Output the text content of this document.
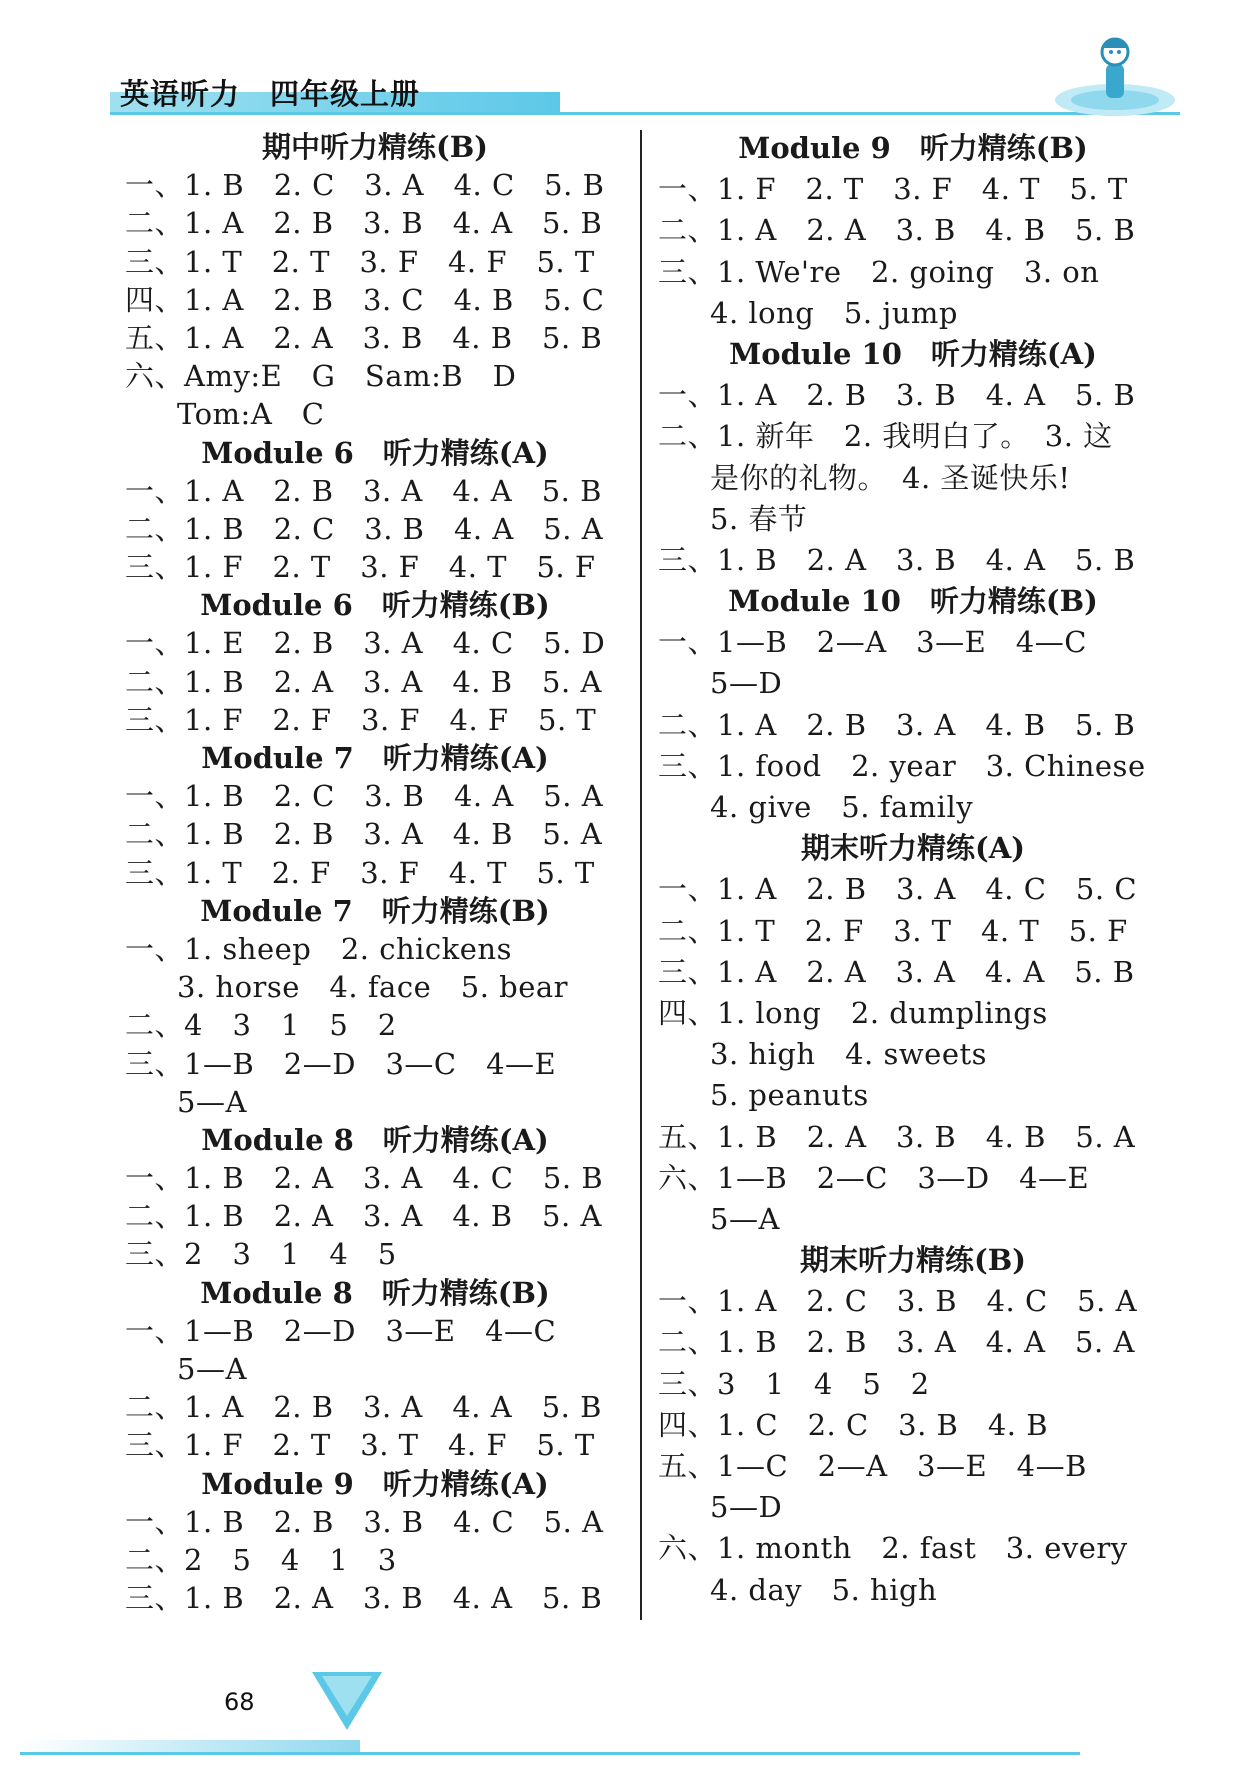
英语听力　四年级上册
期中听力精练(B)
一、1. B　2. C　3. A　4. C　5. B
二、1. A　2. B　3. B　4. A　5. B
三、1. T　2. T　3. F　4. F　5. T
四、1. A　2. B　3. C　4. B　5. C
五、1. A　2. A　3. B　4. B　5. B
六、Amy:E　G　Sam:B　D
Tom:A　C
Module 6　听力精练(A)
一、1. A　2. B　3. A　4. A　5. B
二、1. B　2. C　3. B　4. A　5. A
三、1. F　2. T　3. F　4. T　5. F
Module 6　听力精练(B)
一、1. E　2. B　3. A　4. C　5. D
二、1. B　2. A　3. A　4. B　5. A
三、1. F　2. F　3. F　4. F　5. T
Module 7　听力精练(A)
一、1. B　2. C　3. B　4. A　5. A
二、1. B　2. B　3. A　4. B　5. A
三、1. T　2. F　3. F　4. T　5. T
Module 7　听力精练(B)
一、1. sheep　2. chickens
3. horse　4. face　5. bear
二、4　3　1　5　2
三、1—B　2—D　3—C　4—E
5—A
Module 8　听力精练(A)
一、1. B　2. A　3. A　4. C　5. B
二、1. B　2. A　3. A　4. B　5. A
三、2　3　1　4　5
Module 8　听力精练(B)
一、1—B　2—D　3—E　4—C
5—A
二、1. A　2. B　3. A　4. A　5. B
三、1. F　2. T　3. T　4. F　5. T
Module 9　听力精练(A)
一、1. B　2. B　3. B　4. C　5. A
二、2　5　4　1　3
三、1. B　2. A　3. B　4. A　5. B
Module 9　听力精练(B)
一、1. F　2. T　3. F　4. T　5. T
二、1. A　2. A　3. B　4. B　5. B
三、1. We're　2. going　3. on
4. long　5. jump
Module 10　听力精练(A)
一、1. A　2. B　3. B　4. A　5. B
二、1. 新年　2. 我明白了。　3. 这
是你的礼物。　4. 圣诞快乐!
5. 春节
三、1. B　2. A　3. B　4. A　5. B
Module 10　听力精练(B)
一、1—B　2—A　3—E　4—C
5—D
二、1. A　2. B　3. A　4. B　5. B
三、1. food　2. year　3. Chinese
4. give　5. family
期末听力精练(A)
一、1. A　2. B　3. A　4. C　5. C
二、1. T　2. F　3. T　4. T　5. F
三、1. A　2. A　3. A　4. A　5. B
四、1. long　2. dumplings
3. high　4. sweets
5. peanuts
五、1. B　2. A　3. B　4. B　5. A
六、1—B　2—C　3—D　4—E
5—A
期末听力精练(B)
一、1. A　2. C　3. B　4. C　5. A
二、1. B　2. B　3. A　4. A　5. A
三、3　1　4　5　2
四、1. C　2. C　3. B　4. B
五、1—C　2—A　3—E　4—B
5—D
六、1. month　2. fast　3. every
4. day　5. high
68
